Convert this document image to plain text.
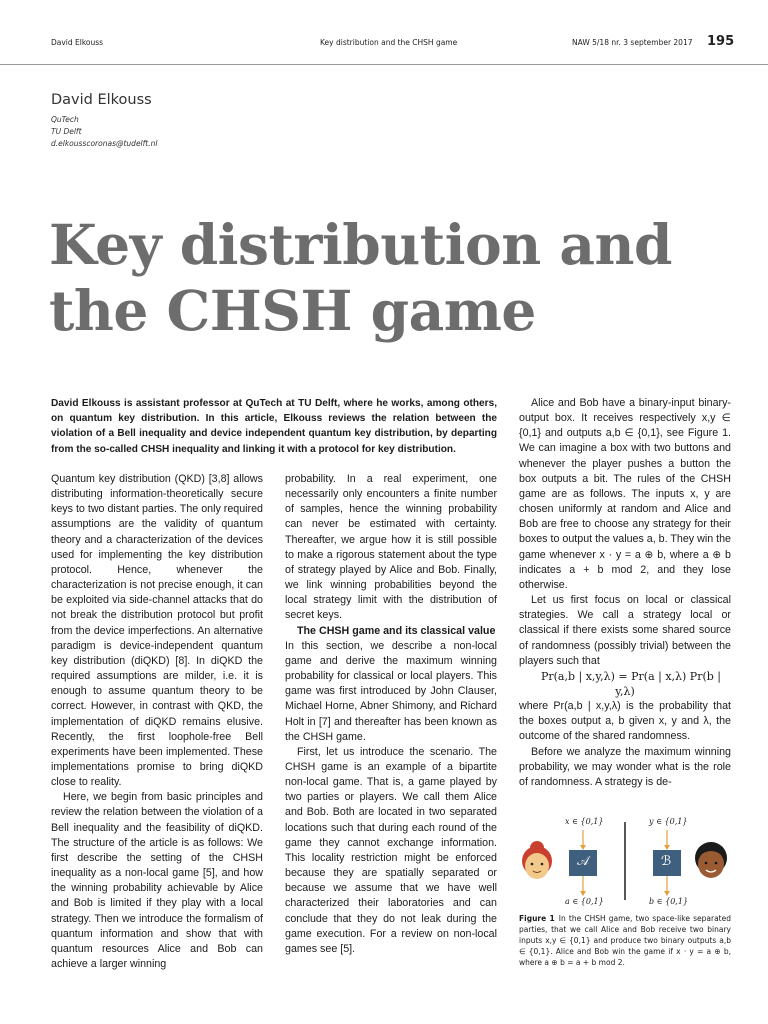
David Elkouss	Key distribution and the CHSH game	NAW 5/18 nr. 3 september 2017 195
David Elkouss
QuTech
TU Delft
d.elkousscoronas@tudelft.nl
Key distribution and
the CHSH game

David Elkouss is assistant professor at QuTech at TU Delft, where he works, among others, on quantum key distribution. In this article, Elkouss reviews the relation between the violation of a Bell inequality and device independent quantum key distribution, by departing from the so-called CHSH inequality and linking it with a protocol for key distribution.

Quantum key distribution (QKD) [3,8] allows distributing information-theoretically secure keys to two distant parties. The only required assumptions are the validity of quantum theory and a characterization of the devices used for implementing the key distribution protocol. Hence, whenever the characterization is not precise enough, it can be exploited via side-channel attacks that do not break the distribution protocol but profit from the device imperfections. An alternative paradigm is device-independent quantum key distribution (diQKD) [8]. In diQKD the required assumptions are milder, i.e. it is enough to assume quantum theory to be correct. However, in contrast with QKD, the implementation of diQKD remains elusive. Recently, the first loophole-free Bell experiments have been implemented. These implementations promise to bring diQKD close to reality.

Here, we begin from basic principles and review the relation between the violation of a Bell inequality and the feasibility of diQKD. The structure of the article is as follows: We first describe the setting of the CHSH inequality as a non-local game [5], and how the winning probability achievable by Alice and Bob is limited if they play with a local strategy. Then we introduce the formalism of quantum information and show that with quantum resources Alice and Bob can achieve a larger winning

probability. In a real experiment, one necessarily only encounters a finite number of samples, hence the winning probability can never be estimated with certainty. Thereafter, we argue how it is still possible to make a rigorous statement about the type of strategy played by Alice and Bob. Finally, we link winning probabilities beyond the local strategy limit with the distribution of secret keys.

The CHSH game and its classical value

In this section, we describe a non-local game and derive the maximum winning probability for classical or local players. This game was first introduced by John Clauser, Michael Horne, Abner Shimony, and Richard Holt in [7] and thereafter has been known as the CHSH game.

First, let us introduce the scenario. The CHSH game is an example of a bipartite non-local game. That is, a game played by two parties or players. We call them Alice and Bob. Both are located in two separated locations such that during each round of the game they cannot exchange information. This locality restriction might be enforced because they are spatially separated or because we assume that we have well characterized their laboratories and can conclude that they do not leak during the game execution. For a review on non-local games see [5].

Alice and Bob have a binary-input binary-output box. It receives respectively x,y ∈ {0,1} and outputs a,b ∈ {0,1}, see Figure 1. We can imagine a box with two buttons and whenever the player pushes a button the box outputs a bit. The rules of the CHSH game are as follows. The inputs x, y are chosen uniformly at random and Alice and Bob are free to choose any strategy for their boxes to output the values a, b. They win the game whenever x · y = a ⊕ b, where a ⊕ b indicates a + b mod 2, and they lose otherwise.

Let us first focus on local or classical strategies. We call a strategy local or classical if there exists some shared source of randomness (possibly trivial) between the players such that

Pr(a,b | x,y,λ) = Pr(a | x,λ) Pr(b | y,λ)

where Pr(a,b | x,y,λ) is the probability that the boxes output a, b given x, y and λ, the outcome of the shared randomness.

Before we analyze the maximum winning probability, we may wonder what is the role of randomness. A strategy is de-

x ∈ {0,1}	y ∈ {0,1}
𝒜	ℬ
a ∈ {0,1}	b ∈ {0,1}
Figure 1 In the CHSH game, two space-like separated parties, that we call Alice and Bob receive two binary inputs x,y ∈ {0,1} and produce two binary outputs a,b ∈ {0,1}. Alice and Bob win the game if x · y = a ⊕ b, where a ⊕ b = a + b mod 2.
